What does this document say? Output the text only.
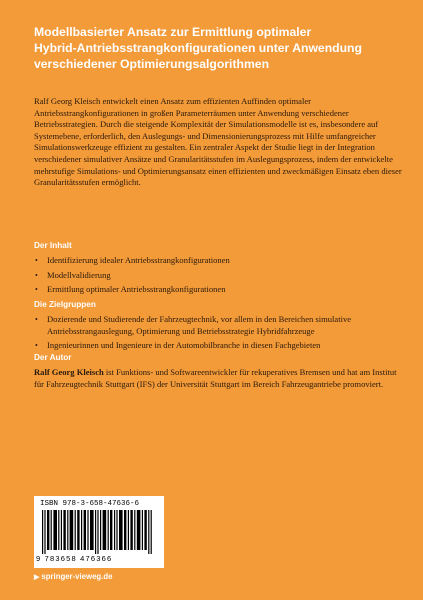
Modellbasierter Ansatz zur Ermittlung optimaler
Hybrid-Antriebsstrangkonfigurationen unter Anwendung
verschiedener Optimierungsalgorithmen

Ralf Georg Kleisch entwickelt einen Ansatz zum effizienten Auffinden optimaler Antriebsstrangkonfigurationen in großen Parameterräumen unter Anwendung verschiedener Betriebsstrategien. Durch die steigende Komplexität der Simulationsmodelle ist es, insbesondere auf Systemebene, erforderlich, den Auslegungs- und Dimensionierungsprozess mit Hilfe umfangreicher Simulationswerkzeuge effizient zu gestalten. Ein zentraler Aspekt der Studie liegt in der Integration verschiedener simulativer Ansätze und Granularitätsstufen im Auslegungsprozess, indem der entwickelte mehrstufige Simulations- und Optimierungsansatz einen effizienten und zweckmäßigen Einsatz eben dieser Granularitätsstufen ermöglicht.

Der Inhalt
• Identifizierung idealer Antriebsstrangkonfigurationen
• Modellvalidierung
• Ermittlung optimaler Antriebsstrangkonfigurationen
Die Zielgruppen
• Dozierende und Studierende der Fahrzeugtechnik, vor allem in den Bereichen simulative Antriebsstrangauslegung, Optimierung und Betriebsstrategie Hybridfahrzeuge
• Ingenieurinnen und Ingenieure in der Automobilbranche in diesen Fachgebieten
Der Autor

Ralf Georg Kleisch ist Funktions- und Softwareentwickler für rekuperatives Bremsen und hat am Institut für Fahrzeugtechnik Stuttgart (IFS) der Universität Stuttgart im Bereich Fahrzeugantriebe promoviert.

ISBN 978-3-658-47636-6
9 783658 476366
▶ springer-vieweg.de
